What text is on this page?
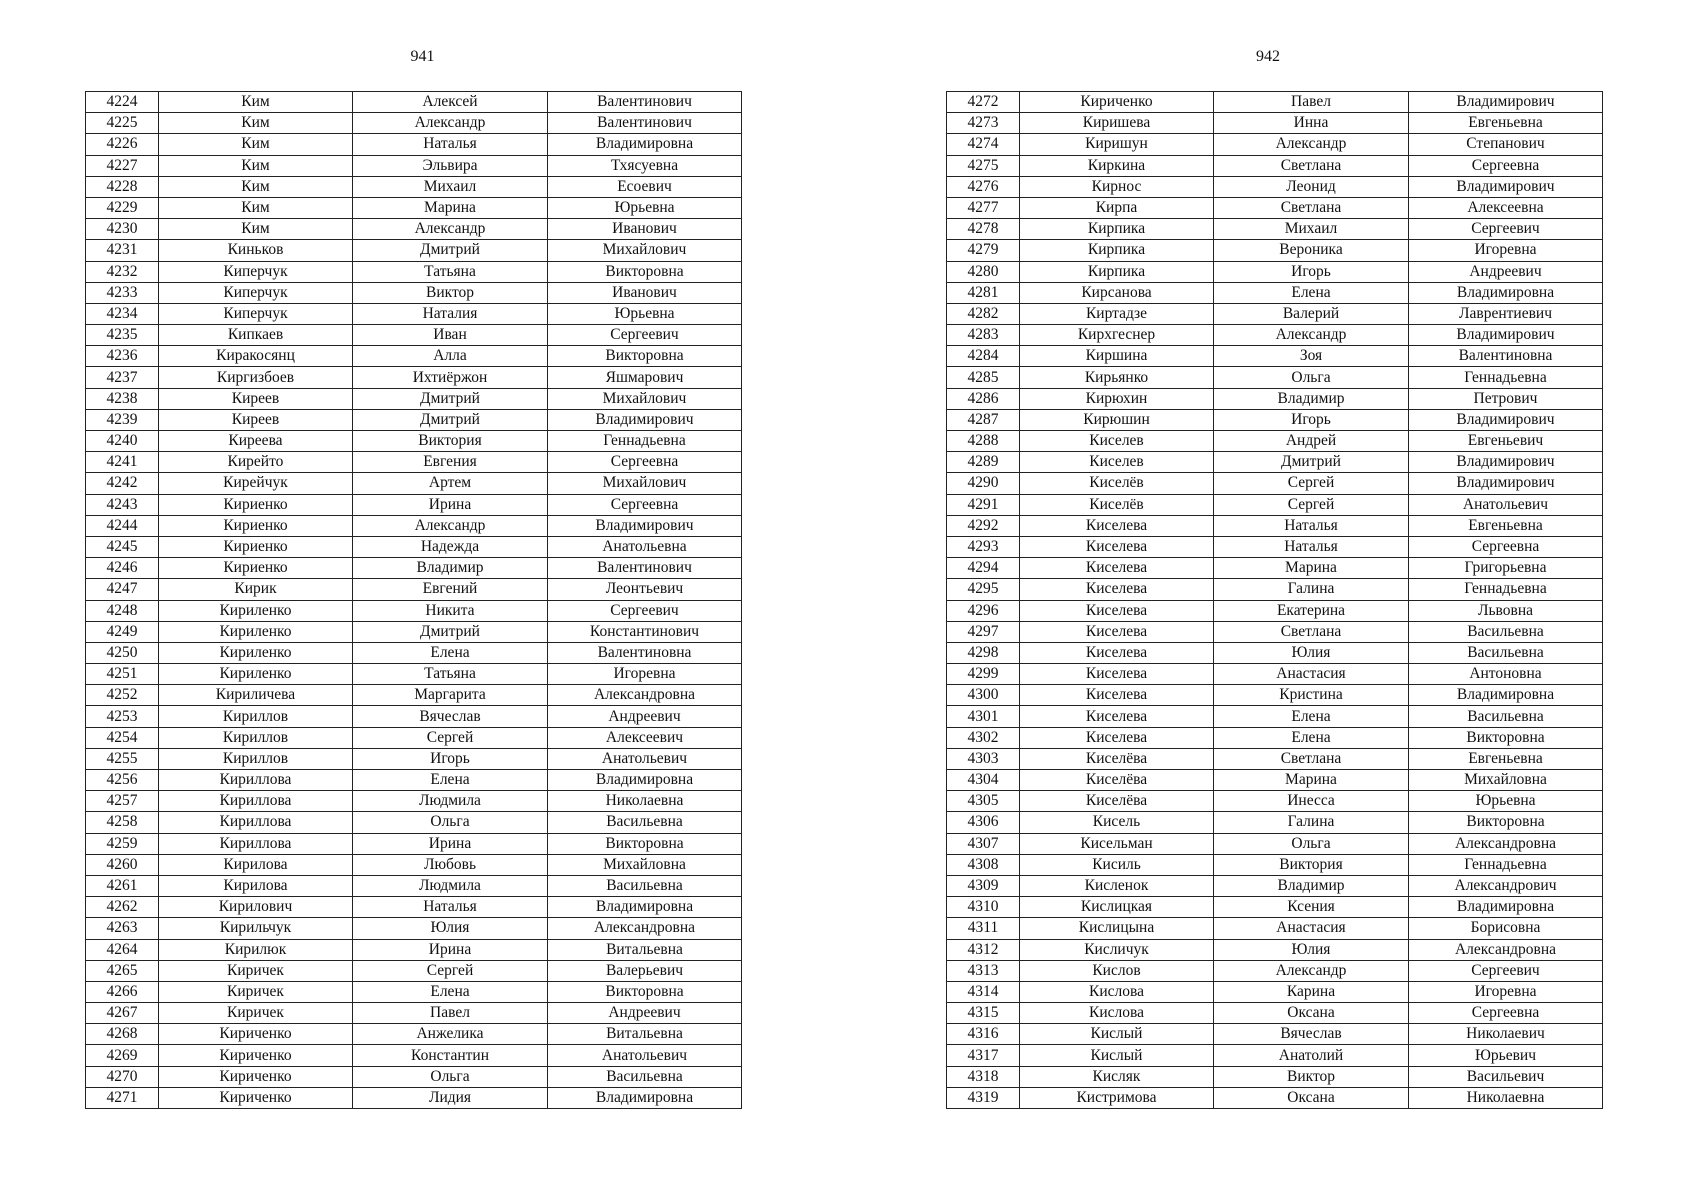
941
4224	Ким	Алексей	Валентинович
4225	Ким	Александр	Валентинович
4226	Ким	Наталья	Владимировна
4227	Ким	Эльвира	Тхясуевна
4228	Ким	Михаил	Есоевич
4229	Ким	Марина	Юрьевна
4230	Ким	Александр	Иванович
4231	Киньков	Дмитрий	Михайлович
4232	Киперчук	Татьяна	Викторовна
4233	Киперчук	Виктор	Иванович
4234	Киперчук	Наталия	Юрьевна
4235	Кипкаев	Иван	Сергеевич
4236	Киракосянц	Алла	Викторовна
4237	Киргизбоев	Ихтиёржон	Яшмарович
4238	Киреев	Дмитрий	Михайлович
4239	Киреев	Дмитрий	Владимирович
4240	Киреева	Виктория	Геннадьевна
4241	Кирейто	Евгения	Сергеевна
4242	Кирейчук	Артем	Михайлович
4243	Кириенко	Ирина	Сергеевна
4244	Кириенко	Александр	Владимирович
4245	Кириенко	Надежда	Анатольевна
4246	Кириенко	Владимир	Валентинович
4247	Кирик	Евгений	Леонтьевич
4248	Кириленко	Никита	Сергеевич
4249	Кириленко	Дмитрий	Константинович
4250	Кириленко	Елена	Валентиновна
4251	Кириленко	Татьяна	Игоревна
4252	Кириличева	Маргарита	Александровна
4253	Кириллов	Вячеслав	Андреевич
4254	Кириллов	Сергей	Алексеевич
4255	Кириллов	Игорь	Анатольевич
4256	Кириллова	Елена	Владимировна
4257	Кириллова	Людмила	Николаевна
4258	Кириллова	Ольга	Васильевна
4259	Кириллова	Ирина	Викторовна
4260	Кирилова	Любовь	Михайловна
4261	Кирилова	Людмила	Васильевна
4262	Кирилович	Наталья	Владимировна
4263	Кирильчук	Юлия	Александровна
4264	Кирилюк	Ирина	Витальевна
4265	Киричек	Сергей	Валерьевич
4266	Киричек	Елена	Викторовна
4267	Киричек	Павел	Андреевич
4268	Кириченко	Анжелика	Витальевна
4269	Кириченко	Константин	Анатольевич
4270	Кириченко	Ольга	Васильевна
4271	Кириченко	Лидия	Владимировна
942
4272	Кириченко	Павел	Владимирович
4273	Киришева	Инна	Евгеньевна
4274	Киришун	Александр	Степанович
4275	Киркина	Светлана	Сергеевна
4276	Кирнос	Леонид	Владимирович
4277	Кирпа	Светлана	Алексеевна
4278	Кирпика	Михаил	Сергеевич
4279	Кирпика	Вероника	Игоревна
4280	Кирпика	Игорь	Андреевич
4281	Кирсанова	Елена	Владимировна
4282	Киртадзе	Валерий	Лаврентиевич
4283	Кирхгеснер	Александр	Владимирович
4284	Киршина	Зоя	Валентиновна
4285	Кирьянко	Ольга	Геннадьевна
4286	Кирюхин	Владимир	Петрович
4287	Кирюшин	Игорь	Владимирович
4288	Киселев	Андрей	Евгеньевич
4289	Киселев	Дмитрий	Владимирович
4290	Киселёв	Сергей	Владимирович
4291	Киселёв	Сергей	Анатольевич
4292	Киселева	Наталья	Евгеньевна
4293	Киселева	Наталья	Сергеевна
4294	Киселева	Марина	Григорьевна
4295	Киселева	Галина	Геннадьевна
4296	Киселева	Екатерина	Львовна
4297	Киселева	Светлана	Васильевна
4298	Киселева	Юлия	Васильевна
4299	Киселева	Анастасия	Антоновна
4300	Киселева	Кристина	Владимировна
4301	Киселева	Елена	Васильевна
4302	Киселева	Елена	Викторовна
4303	Киселёва	Светлана	Евгеньевна
4304	Киселёва	Марина	Михайловна
4305	Киселёва	Инесса	Юрьевна
4306	Кисель	Галина	Викторовна
4307	Кисельман	Ольга	Александровна
4308	Кисиль	Виктория	Геннадьевна
4309	Кисленок	Владимир	Александрович
4310	Кислицкая	Ксения	Владимировна
4311	Кислицына	Анастасия	Борисовна
4312	Кисличук	Юлия	Александровна
4313	Кислов	Александр	Сергеевич
4314	Кислова	Карина	Игоревна
4315	Кислова	Оксана	Сергеевна
4316	Кислый	Вячеслав	Николаевич
4317	Кислый	Анатолий	Юрьевич
4318	Кисляк	Виктор	Васильевич
4319	Кистримова	Оксана	Николаевна
